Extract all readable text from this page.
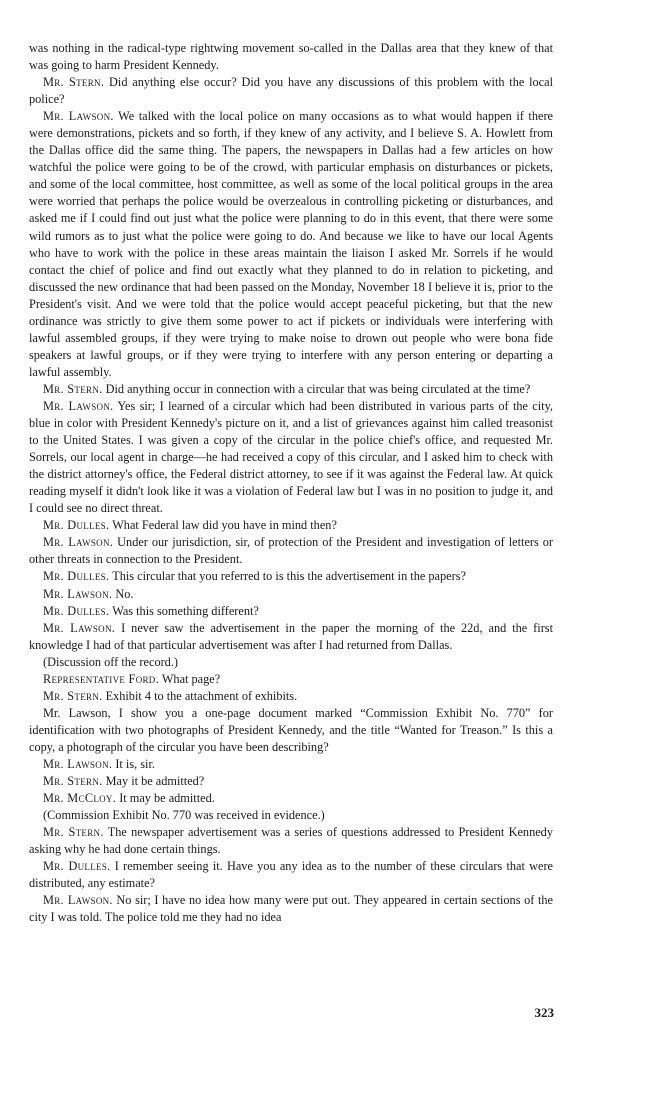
was nothing in the radical-type rightwing movement so-called in the Dallas area that they knew of that was going to harm President Kennedy.

Mr. Stern. Did anything else occur? Did you have any discussions of this problem with the local police?

Mr. Lawson. We talked with the local police on many occasions as to what would happen if there were demonstrations, pickets and so forth, if they knew of any activity, and I believe S. A. Howlett from the Dallas office did the same thing. The papers, the newspapers in Dallas had a few articles on how watchful the police were going to be of the crowd, with particular emphasis on disturbances or pickets, and some of the local committee, host committee, as well as some of the local political groups in the area were worried that perhaps the police would be overzealous in controlling picketing or disturbances, and asked me if I could find out just what the police were planning to do in this event, that there were some wild rumors as to just what the police were going to do. And because we like to have our local Agents who have to work with the police in these areas maintain the liaison I asked Mr. Sorrels if he would contact the chief of police and find out exactly what they planned to do in relation to picketing, and discussed the new ordinance that had been passed on the Monday, November 18 I believe it is, prior to the President's visit. And we were told that the police would accept peaceful picketing, but that the new ordinance was strictly to give them some power to act if pickets or individuals were interfering with lawful assembled groups, if they were trying to make noise to drown out people who were bona fide speakers at lawful groups, or if they were trying to interfere with any person entering or departing a lawful assembly.

Mr. Stern. Did anything occur in connection with a circular that was being circulated at the time?

Mr. Lawson. Yes sir; I learned of a circular which had been distributed in various parts of the city, blue in color with President Kennedy's picture on it, and a list of grievances against him called treasonist to the United States. I was given a copy of the circular in the police chief's office, and requested Mr. Sorrels, our local agent in charge—he had received a copy of this circular, and I asked him to check with the district attorney's office, the Federal district attorney, to see if it was against the Federal law. At quick reading myself it didn't look like it was a violation of Federal law but I was in no position to judge it, and I could see no direct threat.

Mr. Dulles. What Federal law did you have in mind then?

Mr. Lawson. Under our jurisdiction, sir, of protection of the President and investigation of letters or other threats in connection to the President.

Mr. Dulles. This circular that you referred to is this the advertisement in the papers?

Mr. Lawson. No.

Mr. Dulles. Was this something different?

Mr. Lawson. I never saw the advertisement in the paper the morning of the 22d, and the first knowledge I had of that particular advertisement was after I had returned from Dallas.

(Discussion off the record.)

Representative Ford. What page?

Mr. Stern. Exhibit 4 to the attachment of exhibits.

Mr. Lawson, I show you a one-page document marked “Commission Exhibit No. 770” for identification with two photographs of President Kennedy, and the title “Wanted for Treason.” Is this a copy, a photograph of the circular you have been describing?

Mr. Lawson. It is, sir.

Mr. Stern. May it be admitted?

Mr. McCloy. It may be admitted.

(Commission Exhibit No. 770 was received in evidence.)

Mr. Stern. The newspaper advertisement was a series of questions addressed to President Kennedy asking why he had done certain things.

Mr. Dulles. I remember seeing it. Have you any idea as to the number of these circulars that were distributed, any estimate?

Mr. Lawson. No sir; I have no idea how many were put out. They appeared in certain sections of the city I was told. The police told me they had no idea

323
